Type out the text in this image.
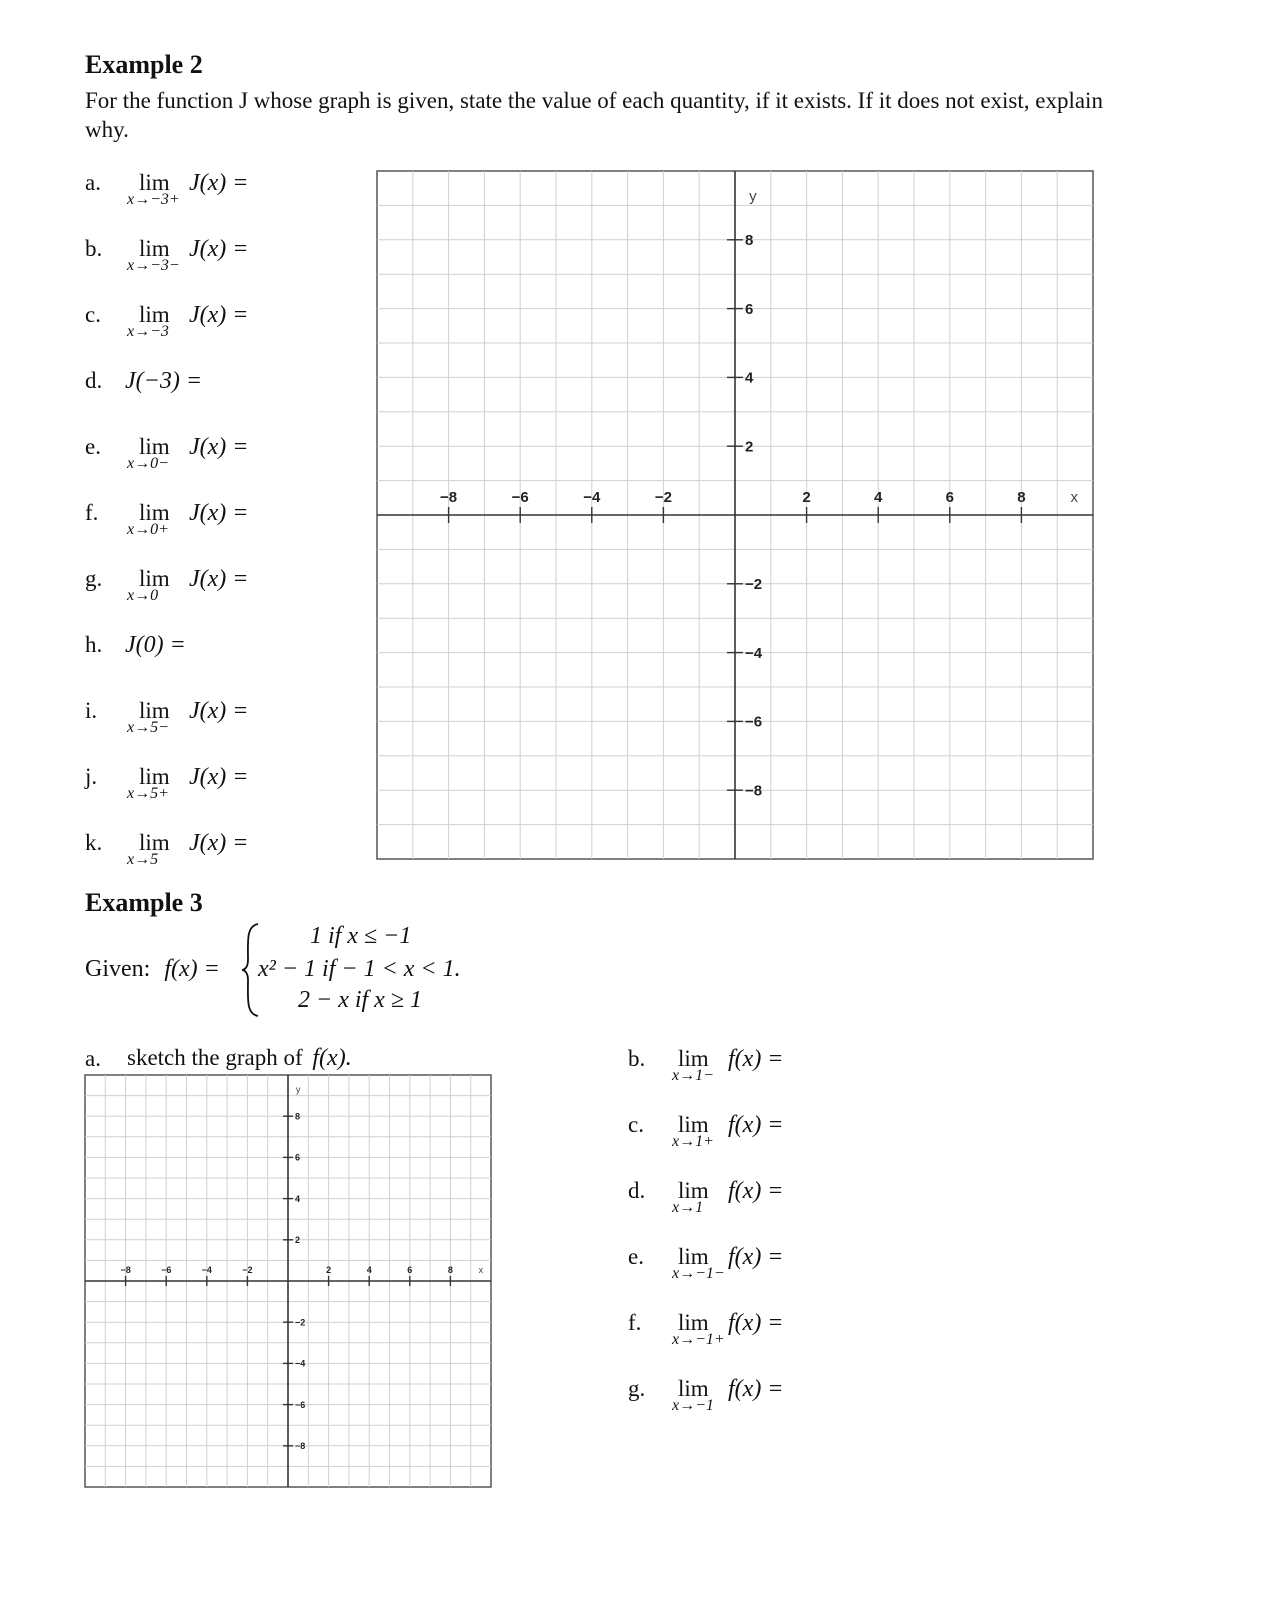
Example 2
For the function J whose graph is given, state the value of each quantity, if it exists. If it does not exist, explain why.
a. lim
x→−3+
J(x) =
b. lim
x→−3−
J(x) =
c. lim
x→−3
J(x) =
d. J(−3) =
e. lim
x→0−
J(x) =
f. lim
x→0+
J(x) =
g. lim
x→0
J(x) =
h. J(0) =
i. lim
x→5−
J(x) =
j. lim
x→5+
J(x) =
k. lim
x→5
J(x) =
−8	−6	−4	−2	2	4	6	8
8
6
4
2
−2
−4
−6
−8
x
y
Example 3
Given: f(x) =
1 if x ≤ −1
x² − 1 if − 1 < x < 1.
2 − x if x ≥ 1
a. sketch the graph of f(x).
−8	−6	−4	−2	2	4	6	8
8
6
4
2
−2
−4
−6
−8
x
y
b. lim
x→1−
f(x) =
c. lim
x→1+
f(x) =
d. lim
x→1
f(x) =
e. lim
x→−1−
f(x) =
f. lim
x→−1+
f(x) =
g. lim
x→−1
f(x) =
